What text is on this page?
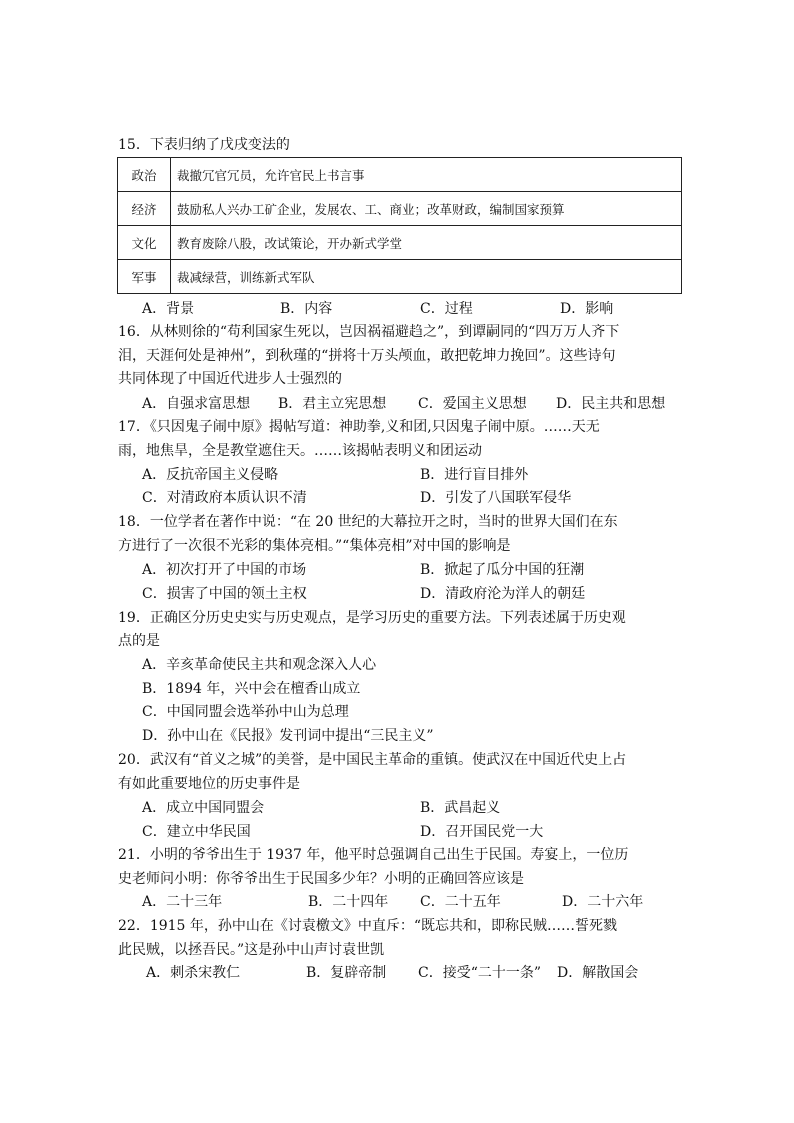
15．下表归纳了戊戌变法的
政治	裁撤冗官冗员，允许官民上书言事
经济	鼓励私人兴办工矿企业，发展农、工、商业；改革财政，编制国家预算
文化	教育废除八股，改试策论，开办新式学堂
军事	裁减绿营，训练新式军队
A．背景	B．内容	C．过程	D．影响
16．从林则徐的“苟利国家生死以，岂因祸福避趋之”，到谭嗣同的“四万万人齐下
泪，天涯何处是神州”，到秋瑾的“拼将十万头颅血，敢把乾坤力挽回”。这些诗句
共同体现了中国近代进步人士强烈的
A．自强求富思想 B．君主立宪思想 C．爱国主义思想 D．民主共和思想
17．《只因鬼子闹中原》揭帖写道：神助拳,义和团,只因鬼子闹中原。……天无
雨，地焦旱，全是教堂遮住天。……该揭帖表明义和团运动
A．反抗帝国主义侵略	B．进行盲目排外
C．对清政府本质认识不清	D．引发了八国联军侵华
18．一位学者在著作中说：“在 20 世纪的大幕拉开之时，当时的世界大国们在东
方进行了一次很不光彩的集体亮相。”“集体亮相”对中国的影响是
A．初次打开了中国的市场	B．掀起了瓜分中国的狂潮
C．损害了中国的领土主权	D．清政府沦为洋人的朝廷
19．正确区分历史史实与历史观点，是学习历史的重要方法。下列表述属于历史观
点的是
A．辛亥革命使民主共和观念深入人心
B．1894 年，兴中会在檀香山成立
C．中国同盟会选举孙中山为总理
D．孙中山在《民报》发刊词中提出“三民主义”
20．武汉有“首义之城”的美誉，是中国民主革命的重镇。使武汉在中国近代史上占
有如此重要地位的历史事件是
A．成立中国同盟会	B．武昌起义
C．建立中华民国	D．召开国民党一大
21．小明的爷爷出生于 1937 年，他平时总强调自己出生于民国。寿宴上，一位历
史老师问小明：你爷爷出生于民国多少年？小明的正确回答应该是
A．二十三年	B．二十四年 C．二十五年	D．二十六年
22．1915 年，孙中山在《讨袁檄文》中直斥：“既忘共和，即称民贼……誓死戮
此民贼，以拯吾民。”这是孙中山声讨袁世凯
A．刺杀宋教仁	B．复辟帝制 C．接受“二十一条” D．解散国会
